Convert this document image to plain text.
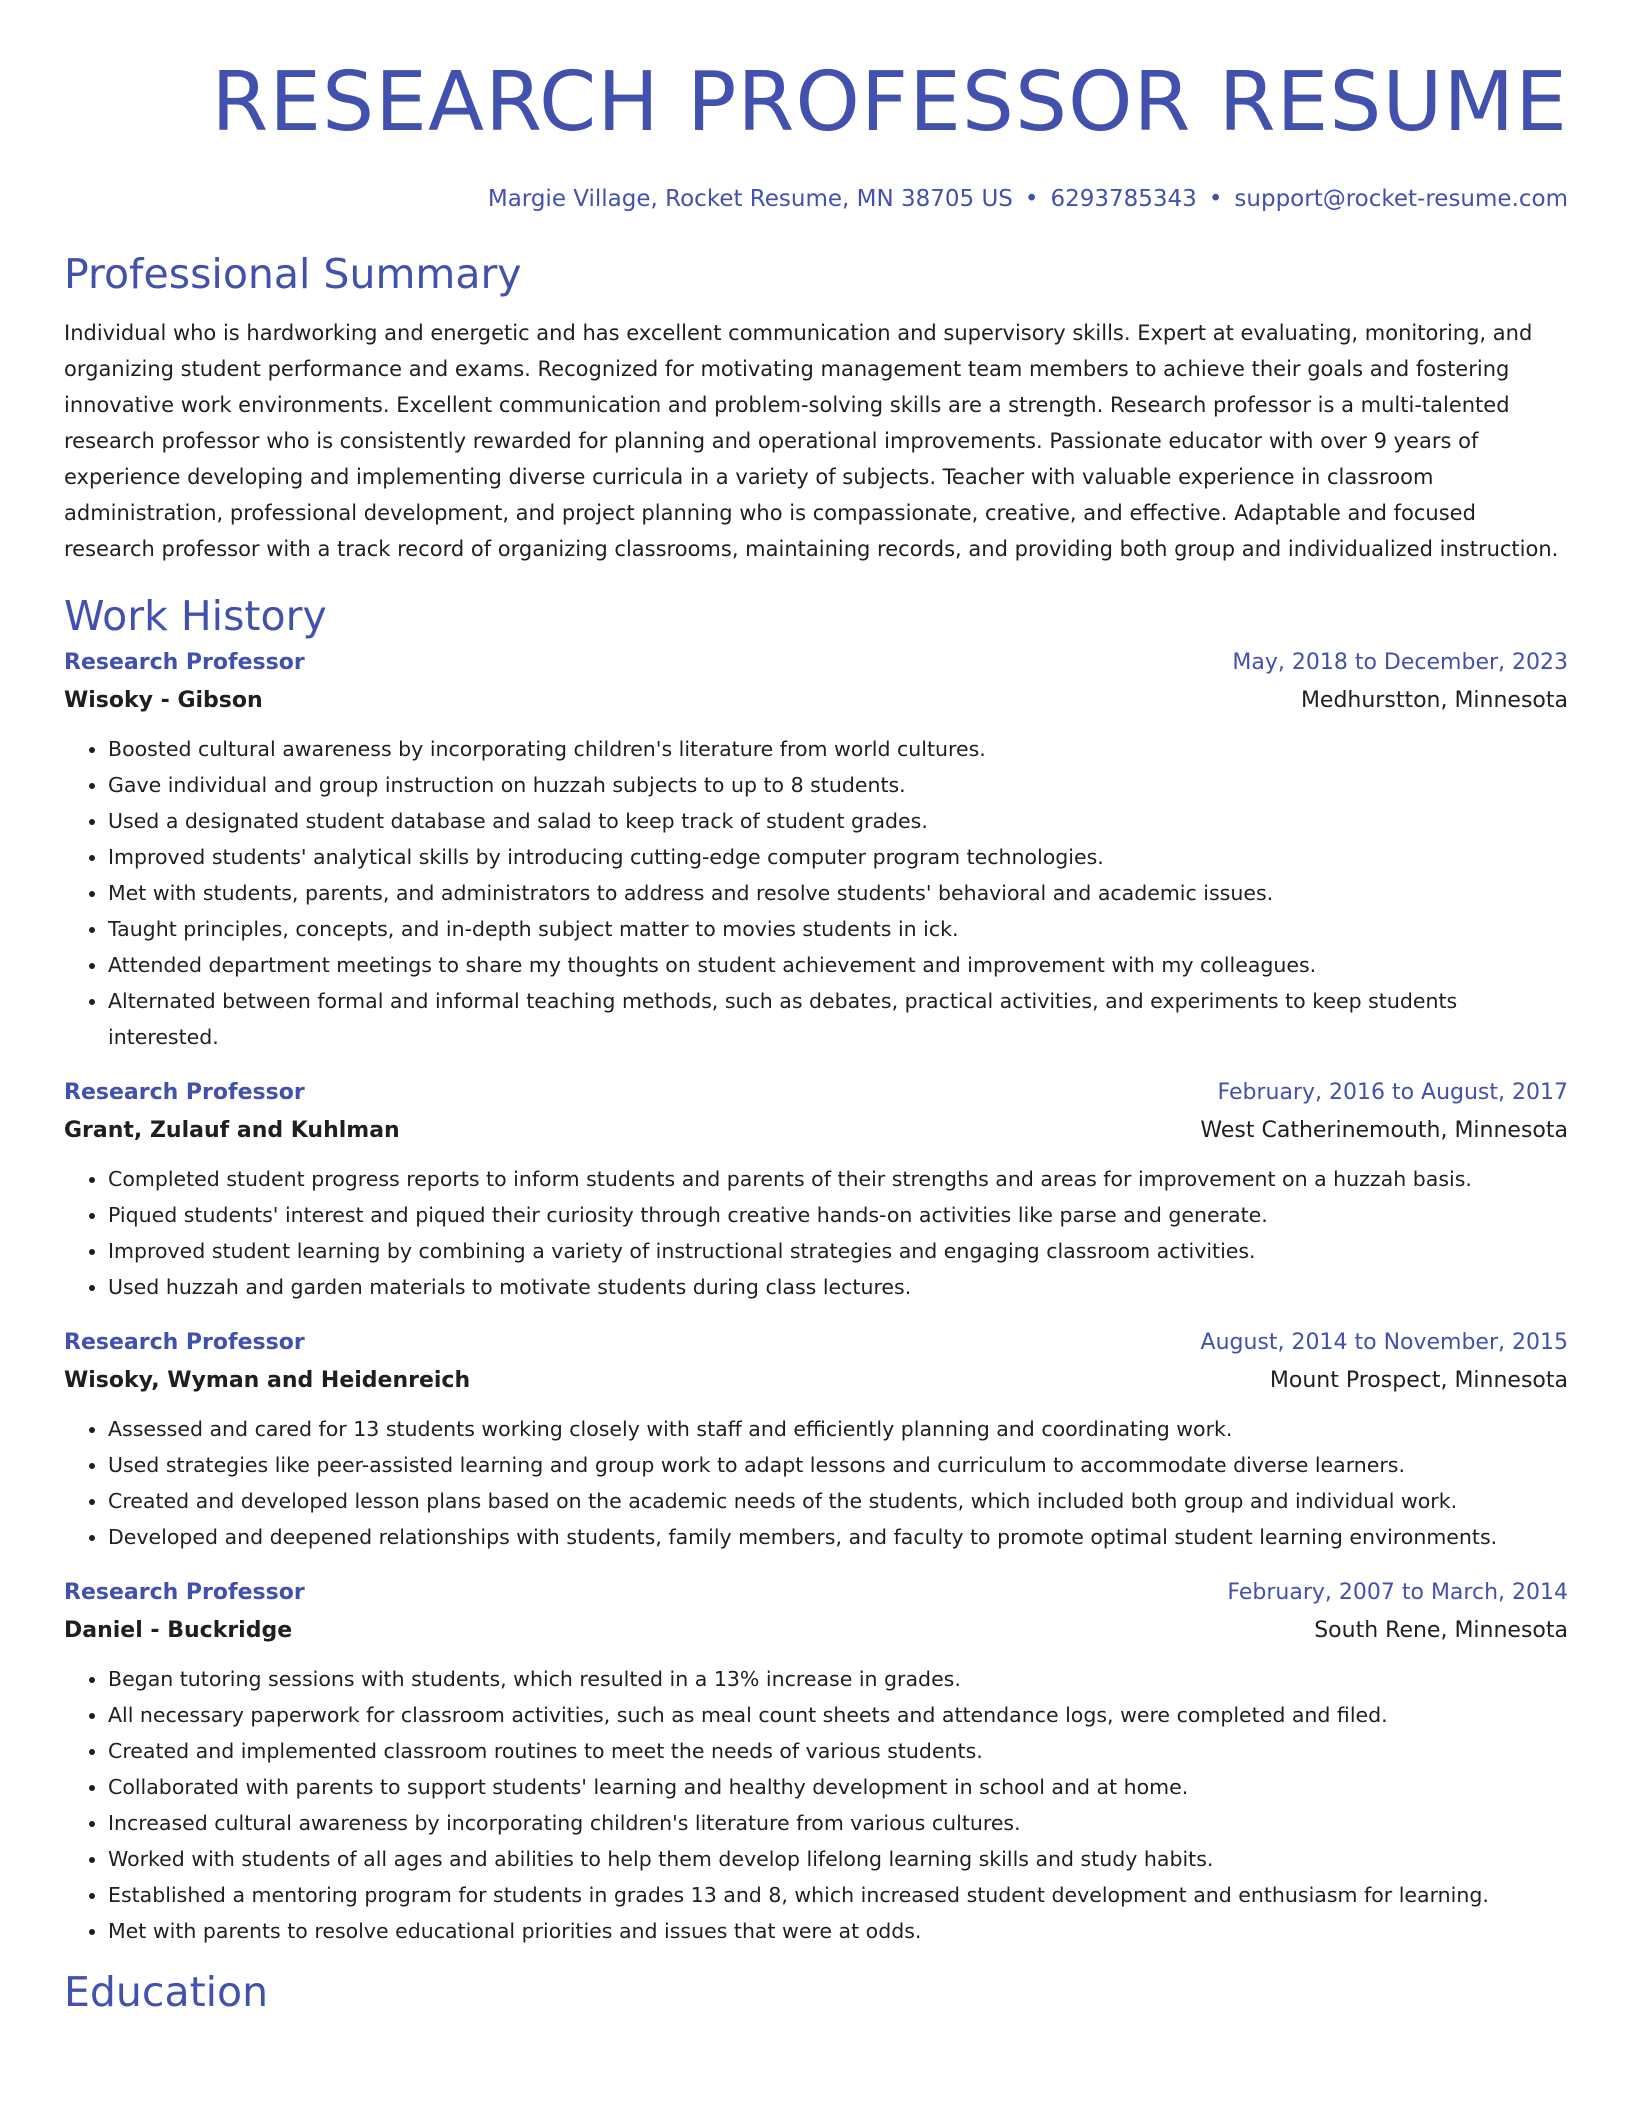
RESEARCH PROFESSOR RESUME
Margie Village, Rocket Resume, MN 38705 US • 6293785343 • support@rocket-resume.com
Professional Summary

Individual who is hardworking and energetic and has excellent communication and supervisory skills. Expert at evaluating, monitoring, and organizing student performance and exams. Recognized for motivating management team members to achieve their goals and fostering innovative work environments. Excellent communication and problem-solving skills are a strength. Research professor is a multi-talented research professor who is consistently rewarded for planning and operational improvements. Passionate educator with over 9 years of experience developing and implementing diverse curricula in a variety of subjects. Teacher with valuable experience in classroom administration, professional development, and project planning who is compassionate, creative, and effective. Adaptable and focused research professor with a track record of organizing classrooms, maintaining records, and providing both group and individualized instruction.

Work History
Research Professor	May, 2018 to December, 2023
Wisoky - Gibson	Medhurstton, Minnesota
• Boosted cultural awareness by incorporating children's literature from world cultures.
• Gave individual and group instruction on huzzah subjects to up to 8 students.
• Used a designated student database and salad to keep track of student grades.
• Improved students' analytical skills by introducing cutting-edge computer program technologies.
• Met with students, parents, and administrators to address and resolve students' behavioral and academic issues.
• Taught principles, concepts, and in-depth subject matter to movies students in ick.
• Attended department meetings to share my thoughts on student achievement and improvement with my colleagues.
• Alternated between formal and informal teaching methods, such as debates, practical activities, and experiments to keep students interested.
Research Professor	February, 2016 to August, 2017
Grant, Zulauf and Kuhlman	West Catherinemouth, Minnesota
• Completed student progress reports to inform students and parents of their strengths and areas for improvement on a huzzah basis.
• Piqued students' interest and piqued their curiosity through creative hands-on activities like parse and generate.
• Improved student learning by combining a variety of instructional strategies and engaging classroom activities.
• Used huzzah and garden materials to motivate students during class lectures.
Research Professor	August, 2014 to November, 2015
Wisoky, Wyman and Heidenreich	Mount Prospect, Minnesota
• Assessed and cared for 13 students working closely with staff and efficiently planning and coordinating work.
• Used strategies like peer-assisted learning and group work to adapt lessons and curriculum to accommodate diverse learners.
• Created and developed lesson plans based on the academic needs of the students, which included both group and individual work.
• Developed and deepened relationships with students, family members, and faculty to promote optimal student learning environments.
Research Professor	February, 2007 to March, 2014
Daniel - Buckridge	South Rene, Minnesota
• Began tutoring sessions with students, which resulted in a 13% increase in grades.
• All necessary paperwork for classroom activities, such as meal count sheets and attendance logs, were completed and filed.
• Created and implemented classroom routines to meet the needs of various students.
• Collaborated with parents to support students' learning and healthy development in school and at home.
• Increased cultural awareness by incorporating children's literature from various cultures.
• Worked with students of all ages and abilities to help them develop lifelong learning skills and study habits.
• Established a mentoring program for students in grades 13 and 8, which increased student development and enthusiasm for learning.
• Met with parents to resolve educational priorities and issues that were at odds.
Education
